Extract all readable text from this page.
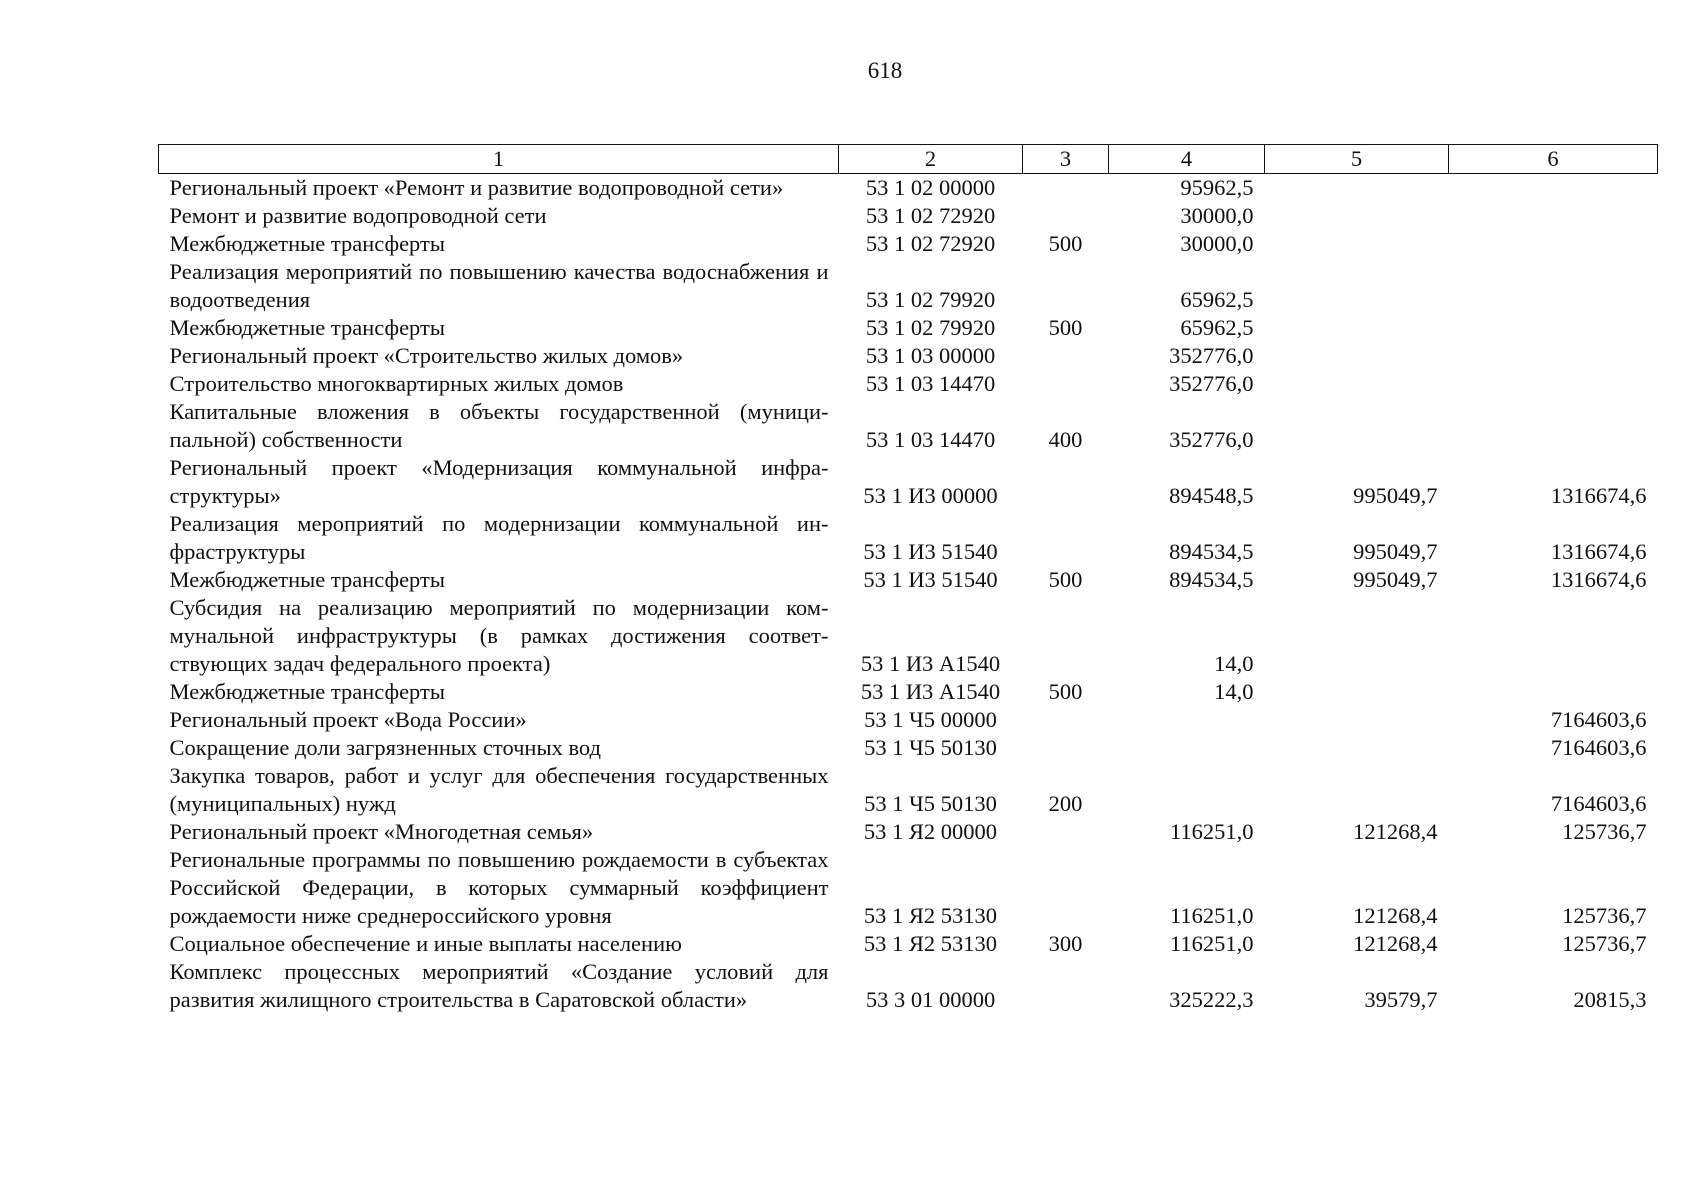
618
1	2	3	4	5	6
Региональный проект «Ремонт и развитие водопроводной сети»	53 1 02 00000		95962,5		
Ремонт и развитие водопроводной сети	53 1 02 72920		30000,0		
Межбюджетные трансферты	53 1 02 72920	500	30000,0		
Реализация мероприятий по повышению качества водоснабжения и водоотведения	53 1 02 79920		65962,5		
Межбюджетные трансферты	53 1 02 79920	500	65962,5		
Региональный проект «Строительство жилых домов»	53 1 03 00000		352776,0		
Строительство многоквартирных жилых домов	53 1 03 14470		352776,0		
Капитальные вложения в объекты государственной (муниципальной) собственности	53 1 03 14470	400	352776,0		
Региональный проект «Модернизация коммунальной инфраструктуры»	53 1 И3 00000		894548,5	995049,7	1316674,6
Реализация мероприятий по модернизации коммунальной инфраструктуры	53 1 И3 51540		894534,5	995049,7	1316674,6
Межбюджетные трансферты	53 1 И3 51540	500	894534,5	995049,7	1316674,6
Субсидия на реализацию мероприятий по модернизации коммунальной инфраструктуры (в рамках достижения соответствующих задач федерального проекта)	53 1 И3 А1540		14,0		
Межбюджетные трансферты	53 1 И3 А1540	500	14,0		
Региональный проект «Вода России»	53 1 Ч5 00000				7164603,6
Сокращение доли загрязненных сточных вод	53 1 Ч5 50130				7164603,6
Закупка товаров, работ и услуг для обеспечения государственных (муниципальных) нужд	53 1 Ч5 50130	200			7164603,6
Региональный проект «Многодетная семья»	53 1 Я2 00000		116251,0	121268,4	125736,7
Региональные программы по повышению рождаемости в субъектах Российской Федерации, в которых суммарный коэффициент рождаемости ниже среднероссийского уровня	53 1 Я2 53130		116251,0	121268,4	125736,7
Социальное обеспечение и иные выплаты населению	53 1 Я2 53130	300	116251,0	121268,4	125736,7
Комплекс процессных мероприятий «Создание условий для развития жилищного строительства в Саратовской области»	53 3 01 00000		325222,3	39579,7	20815,3
